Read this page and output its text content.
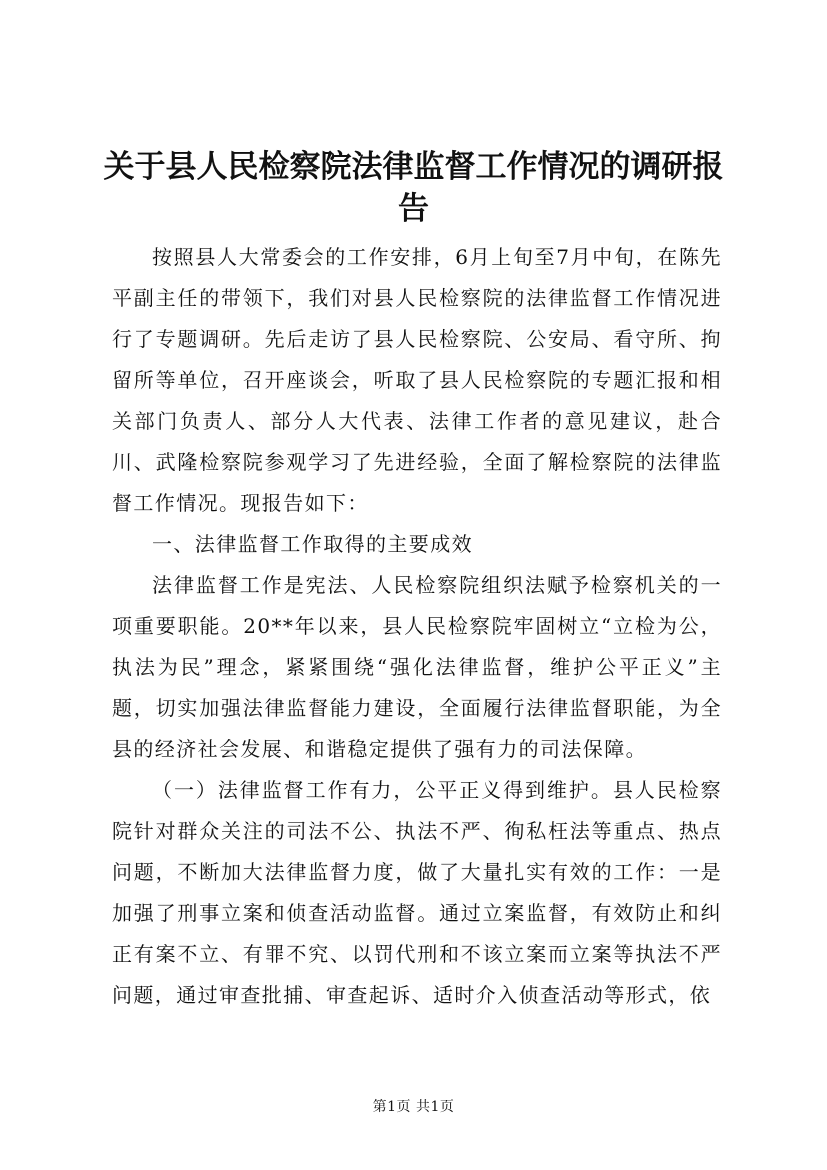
关于县人民检察院法律监督工作情况的调研报告

按照县人大常委会的工作安排，6月上旬至7月中旬，在陈先平副主任的带领下，我们对县人民检察院的法律监督工作情况进行了专题调研。先后走访了县人民检察院、公安局、看守所、拘留所等单位，召开座谈会，听取了县人民检察院的专题汇报和相关部门负责人、部分人大代表、法律工作者的意见建议，赴合川、武隆检察院参观学习了先进经验，全面了解检察院的法律监督工作情况。现报告如下：

一、法律监督工作取得的主要成效

法律监督工作是宪法、人民检察院组织法赋予检察机关的一项重要职能。20**年以来，县人民检察院牢固树立“立检为公，执法为民”理念，紧紧围绕“强化法律监督，维护公平正义”主题，切实加强法律监督能力建设，全面履行法律监督职能，为全县的经济社会发展、和谐稳定提供了强有力的司法保障。

（一）法律监督工作有力，公平正义得到维护。县人民检察院针对群众关注的司法不公、执法不严、徇私枉法等重点、热点问题，不断加大法律监督力度，做了大量扎实有效的工作：一是加强了刑事立案和侦查活动监督。通过立案监督，有效防止和纠正有案不立、有罪不究、以罚代刑和不该立案而立案等执法不严问题，通过审查批捕、审查起诉、适时介入侦查活动等形式，依

第1页 共1页
